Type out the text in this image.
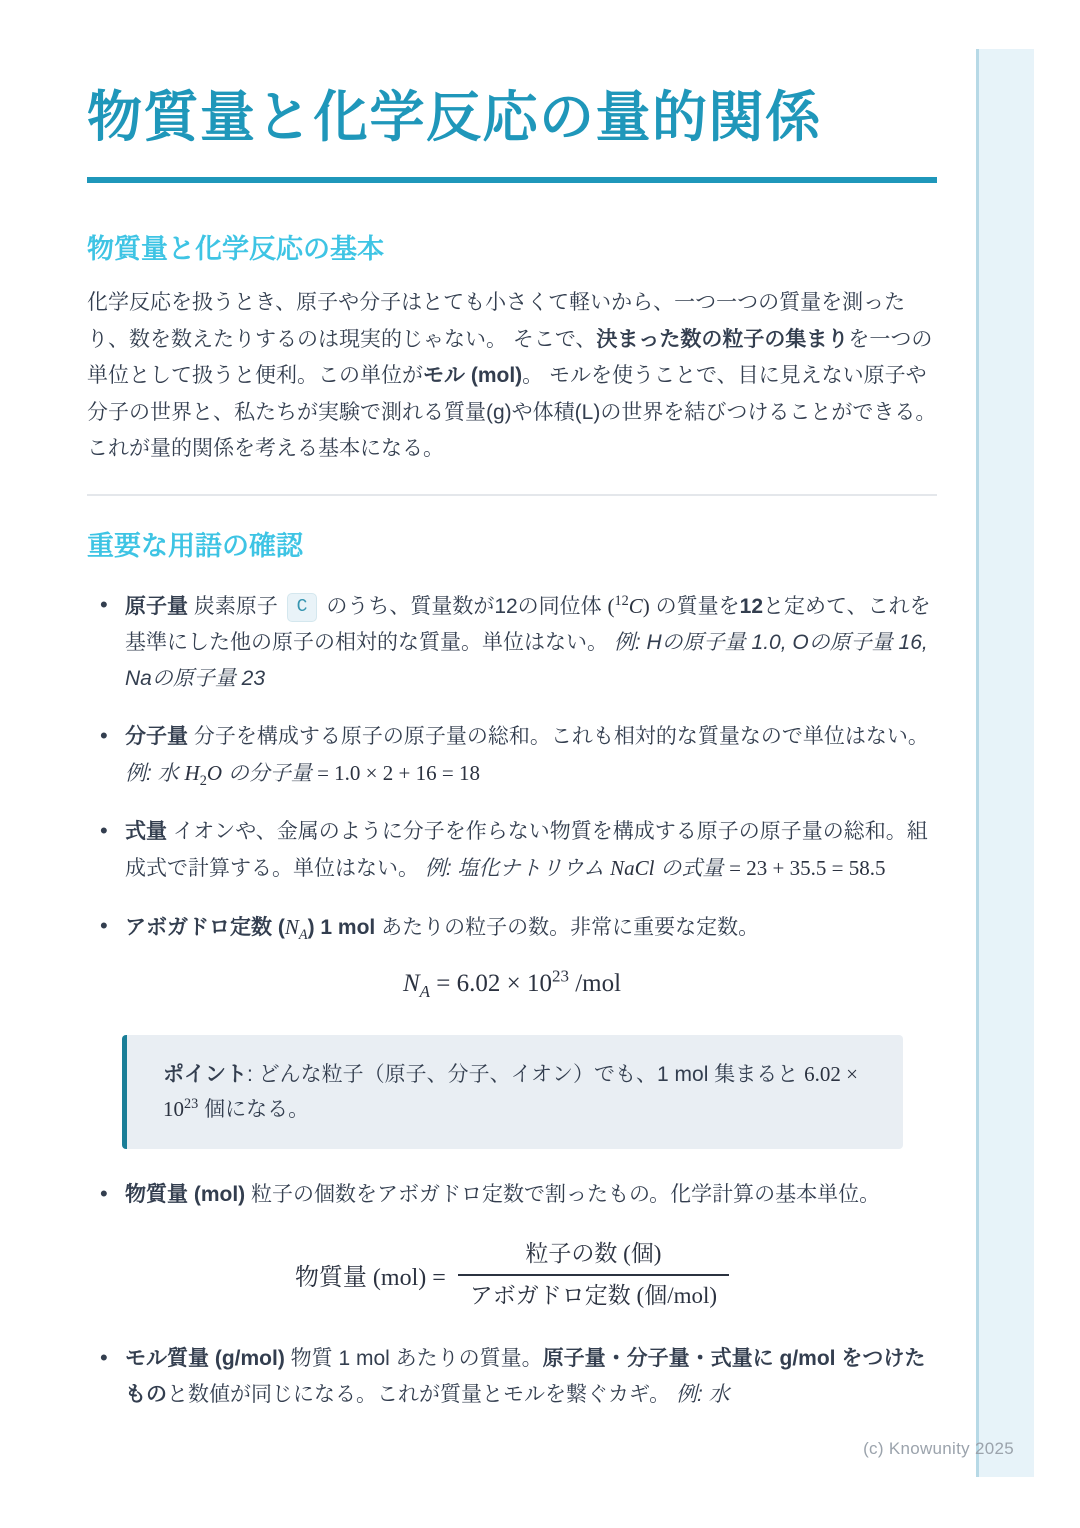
(c) Knowunity 2025
物質量と化学反応の量的関係
物質量と化学反応の基本

化学反応を扱うとき、原子や分子はとても小さくて軽いから、一つ一つの質量を測ったり、数を数えたりするのは現実的じゃない。 そこで、決まった数の粒子の集まりを一つの単位として扱うと便利。この単位がモル (mol)。 モルを使うことで、目に見えない原子や分子の世界と、私たちが実験で測れる質量(g)や体積(L)の世界を結びつけることができる。これが量的関係を考える基本になる。

重要な用語の確認
• 原子量 炭素原子 C のうち、質量数が12の同位体 ($^{12}$C) の質量を12と定めて、これを基準にした他の原子の相対的な質量。単位はない。 例: Hの原子量 1.0, Oの原子量 16, Naの原子量 23
• 分子量 分子を構成する原子の原子量の総和。これも相対的な質量なので単位はない。 例: 水 $H_2O$ の分子量 = 1.0 × 2 + 16 = 18
• 式量 イオンや、金属のように分子を作らない物質を構成する原子の原子量の総和。組成式で計算する。単位はない。 例: 塩化ナトリウム NaCl の式量 = 23 + 35.5 = 58.5
• アボガドロ定数 $(N_A)$ 1 mol あたりの粒子の数。非常に重要な定数。
$N_A = 6.02 \times 10^{23}$ /mol
ポイント: どんな粒子（原子、分子、イオン）でも、1 mol 集まると $6.02 \times 10^{23}$ 個になる。
• 物質量 (mol) 粒子の個数をアボガドロ定数で割ったもの。化学計算の基本単位。
物質量 $(mol) = \frac{\text{粒子の数 (個)}}{\text{アボガドロ定数 (個/mol)}}$
• モル質量 (g/mol) 物質 1 mol あたりの質量。原子量・分子量・式量に g/mol をつけたものと数値が同じになる。これが質量とモルを繋ぐカギ。 例: 水
